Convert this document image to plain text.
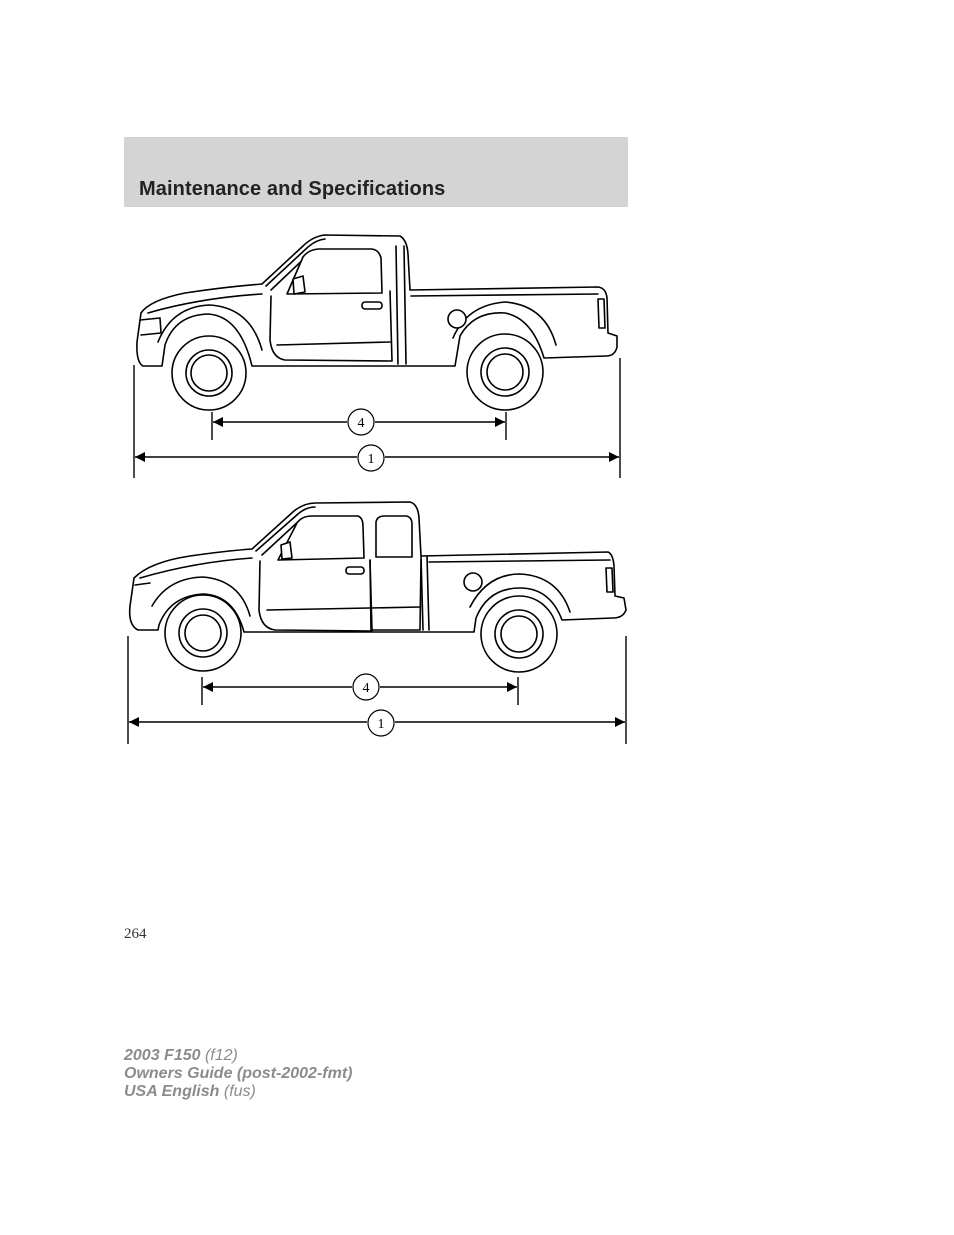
Maintenance and Specifications
4
1
4
1
264
2003 F150 (f12)
Owners Guide (post-2002-fmt)
USA English (fus)
